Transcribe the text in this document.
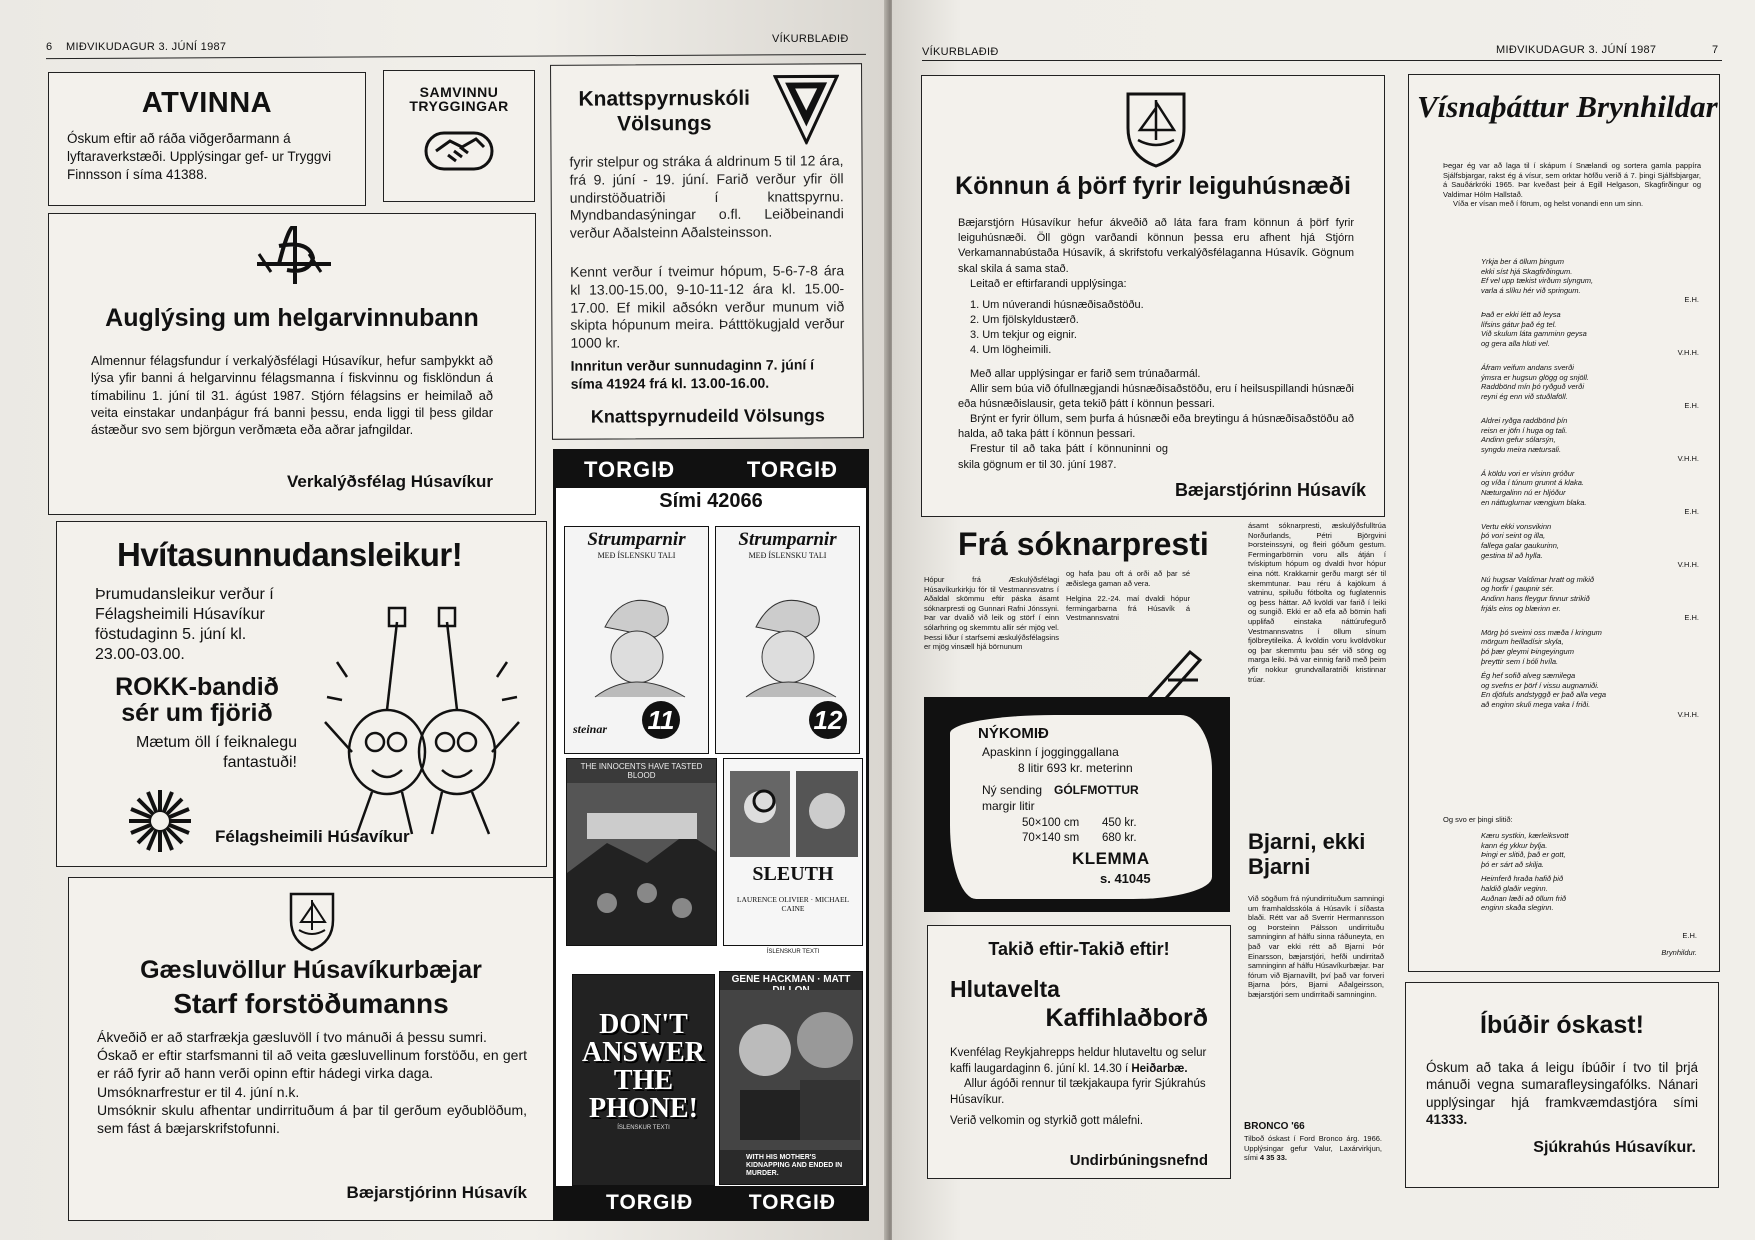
6 MIÐVIKUDAGUR 3. JÚNÍ 1987
VÍKURBLAÐIÐ
ATVINNA
Óskum eftir að ráða viðgerðarmann á lyftaraverkstæði. Upplýsingar gef- ur Tryggvi Finnsson í síma 41388.
SAMVINNU TRYGGINGAR
Auglýsing um helgarvinnubann
Almennur félagsfundur í verkalýðsfélagi Húsavíkur, hefur samþykkt að lýsa yfir banni á helgarvinnu félagsmanna í fiskvinnu og fisklöndun á tímabilinu 1. júní til 31. ágúst 1987. Stjórn félagsins er heimilað að veita einstakar undanþágur frá banni þessu, enda liggi til þess gildar ástæður svo sem björgun verðmæta eða aðrar jafngildar.
Verkalýðsfélag Húsavíkur
Hvítasunnudansleikur!
Þrumudansleikur verður í Félagsheimili Húsavíkur föstudaginn 5. júní kl. 23.00-03.00.
ROKK-bandið sér um fjörið
Mætum öll í feiknalegu fantastuði!
Félagsheimili Húsavíkur
Gæsluvöllur Húsavíkurbæjar
Starf forstöðumanns
Ákveðið er að starfrækja gæsluvöll í tvo mánuði á þessu sumri.
Óskað er eftir starfsmanni til að veita gæsluvellinum forstöðu, en gert er ráð fyrir að hann verði opinn eftir hádegi virka daga.
Umsóknarfrestur er til 4. júní n.k.
Umsóknir skulu afhentar undirrituðum á þar til gerðum eyðublöðum, sem fást á bæjarskrifstofunni.
Bæjarstjórinn Húsavík
Knattspyrnuskóli Völsungs
fyrir stelpur og stráka á aldrinum 5 til 12 ára, frá 9. júní - 19. júní. Farið verður yfir öll undirstöðuatriði í knattspyrnu. Myndbandasýningar o.fl. Leiðbeinandi verður Aðalsteinn Aðalsteinsson.
Kennt verður í tveimur hópum, 5-6-7-8 ára kl 13.00-15.00, 9-10-11-12 ára kl. 15.00-17.00. Ef mikil aðsókn verður munum við skipta hópunum meira. Þátttökugjald verður 1000 kr.
Innritun verður sunnudaginn 7. júní í síma 41924 frá kl. 13.00-16.00.
Knattspyrnudeild Völsungs
TORGIÐ	TORGIÐ
Sími 42066
Strumparnir
MEÐ ÍSLENSKU TALI
steinar 11
Strumparnir
MEÐ ÍSLENSKU TALI
12
THE INNOCENTS HAVE TASTED BLOOD
SLEUTH
LAURENCE OLIVIER · MICHAEL CAINE
ÍSLENSKUR TEXTI
DON'T ANSWER THE PHONE!
ÍSLENSKUR TEXTI
GENE HACKMAN · MATT
WITH HIS MOTHER'S KIDNAPPING AND ENDED IN MURDER.
TORGIÐ	TORGIÐ
VÍKURBLAÐIÐ	MIÐVIKUDAGUR 3. JÚNÍ 1987	7
Könnun á þörf fyrir leiguhúsnæði
Bæjarstjórn Húsavíkur hefur ákveðið að láta fara fram könnun á þörf fyrir leiguhúsnæði. Öll gögn varðandi könnun þessa eru afhent hjá Stjórn Verkamannabústaða Húsavík, á skrifstofu verkalýðsfélaganna Húsavík. Gögnum skal skila á sama stað.
Leitað er eftirfarandi upplýsinga:
1. Um núverandi húsnæðisaðstöðu.
2. Um fjölskyldustærð.
3. Um tekjur og eignir.
4. Um lögheimili.
Með allar upplýsingar er farið sem trúnaðarmál.
Allir sem búa við ófullnægjandi húsnæðisaðstöðu, eru í heilsuspillandi húsnæði eða húsnæðislausir, geta tekið þátt í könnun þessari.
Brýnt er fyrir öllum, sem þurfa á húsnæði eða breytingu á húsnæðisaðstöðu að halda, að taka þátt í könnun þessari.
Frestur til að taka þátt í könnuninni og skila gögnum er til 30. júní 1987.
Bæjarstjórinn Húsavík
Frá sóknarpresti
Hópur frá Æskulýðsfélagi Húsavíkurkirkju fór til Vestmannsvatns í Aðaldal skömmu eftir páska ásamt sóknarpresti og Gunnari Rafni Jónssyni. Þar var dvalið við leik og störf í einn sólarhring og skemmtu allir sér mjög vel. Þessi liður í starfsemi æskulýðsfélagsins er mjög vinsæll hjá börnunum
og hafa þau oft á orði að þar sé æðislega gaman að vera.
Helgina 22.-24. maí dvaldi hópur fermingarbarna frá Húsavík á Vestmannsvatni
ásamt sóknarpresti, æskulýðsfulltrúa Norðurlands, Pétri Björgvini Þorsteinssyni, og fleiri góðum gestum. Fermingarbörnin voru alls átján í tvískiptum hópum og dvaldi hvor hópur eina nótt. Krakkarnir gerðu margt sér til skemmtunar. Þau réru á kajökum á vatninu, spiluðu fótbolta og fuglatennis og þess háttar. Að kvöldi var farið í leiki og sungið. Ekki er að efa að börnin hafi upplifað einstaka náttúrufegurð Vestmannsvatns í öllum sínum fjölbreytileika. Á kvöldin voru kvöldvökur og þar skemmtu þau sér við söng og marga leiki. Þá var einnig farið með þeim yfir nokkur grundvallaratriði kristinnar trúar.
NÝKOMIÐ
Apaskinn í jogginggallana
8 litir 693 kr. meterinn
Ný sending GÓLFMOTTUR
margir litir
50×100 cm 450 kr.
70×140 sm 680 kr.
KLEMMA
s. 41045
Bjarni, ekki Bjarni
Við sögðum frá nýundirrituðum samningi um framhaldsskóla á Húsavík í síðasta blaði. Rétt var að Sverrir Hermannsson og Þorsteinn Pálsson undirrituðu samninginn af hálfu sinna ráðuneyta, en það var ekki rétt að Bjarni Þór Einarsson, bæjarstjóri, hefði undirritað samninginn af hálfu Húsavíkurbæjar. Þar fórum við Bjarnavillt, því það var forveri Bjarna þórs, Bjarni Aðalgeirsson, bæjarstjóri sem undirritaði samninginn.
Takið eftir-Takið eftir!
Hlutavelta
Kaffihlaðborð
Kvenfélag Reykjahrepps heldur hlutaveltu og selur kaffi laugardaginn 6. júní kl. 14.30 í Heiðarbæ.
Allur ágóði rennur til tækjakaupa fyrir Sjúkrahús Húsavíkur.
Verið velkomin og styrkið gott málefni.
Undirbúningsnefnd
BRONCO '66
Tilboð óskast í Ford Bronco árg. 1966. Upplýsingar gefur Valur, Laxárvirkjun, sími 4 35 33.
Vísnaþáttur Brynhildar
Þegar ég var að laga til í skápum í Snælandi og sortera gamla pappíra Sjálfsbjargar, rakst ég á vísur, sem orktar höfðu verið á 7. þingi Sjálfsbjargar, á Sauðárkróki 1965. Þar kveðast þeir á Egill Helgason, Skagfirðingur og Valdimar Hólm Hallstað.
Víða er vísan með í förum, og helst vonandi enn um sinn.
Yrkja ber á öllum þingum
ekki síst hjá Skagfirðingum.
Ef vel upp tækist virðum slyngum,
varla á slíku hér við springum.
E.H.
Það er ekki létt að leysa
lífsins gátur það ég tel.
Við skulum láta gamminn geysa
og gera alla hluti vel.
V.H.H.
Áfram veifum andans sverði
ýmsra er hugsun glögg og snjöll.
Raddbönd mín þó ryðguð verði
reyni ég enn við stuðlaföll.
E.H.
Aldrei ryðga raddbönd þín
reisn er jöfn í huga og tali.
Andinn gefur sólarsýn,
syngdu meira nætursali.
V.H.H.
Á köldu vori er vísinn gróður
og víða í túnum grunnt á klaka.
Næturgalinn nú er hljóður
en náttuglurnar vængjum blaka.
E.H.
Vertu ekki vonsvikinn
þó vori seint og illa,
fallega galar gaukurinn,
gestina til að hylla.
V.H.H.
Nú hugsar Valdimar hratt og mikið
og horfir í gaupnir sér.
Andinn hans fleygur finnur strikið
frjáls eins og blærinn er.
E.H.
Mörg þó sveimi oss mæða í kringum
mörgum heilladísir skyla,
þó þær gleymi Þingeyingum
þreyttir sem í bóli hvíla.
Ég hef sofið alveg sæmilega
og svefns er þörf í vissu augnamiði.
En djöfuls andstyggð er það alla vega
að enginn skuli mega vaka í friði.
V.H.H.
Og svo er þingi slitið:
Kæru systkin, kærleiksvott
kann ég ykkur bylja.
Þingi er slitið, það er gott,
þó er sárt að skilja.
Heimferð hraða hafið þið
haldið glaðir veginn.
Auðnan læði að öllum frið
enginn skaða sleginn.
E.H.
Brynhildur.
Íbúðir óskast!
Óskum að taka á leigu íbúðir í tvo til þrjá mánuði vegna sumarafleysingafólks. Nánari upplýsingar hjá framkvæmdastjóra sími 41333.
Sjúkrahús Húsavíkur.
